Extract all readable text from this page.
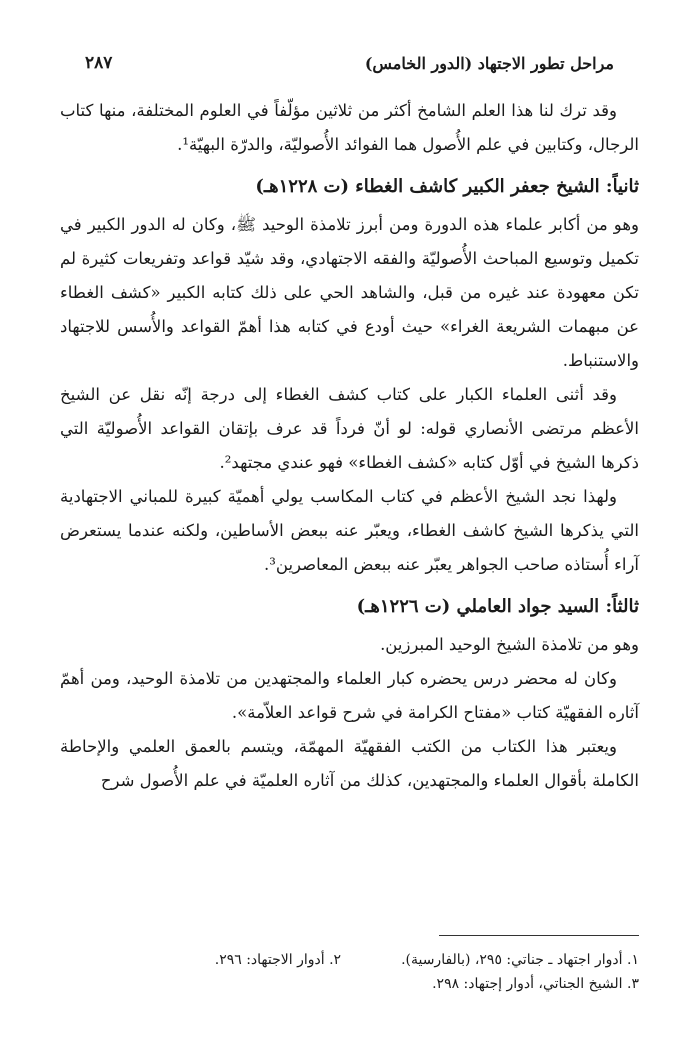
مراحل تطور الاجتهاد (الدور الخامس)
٢٨٧

وقد ترك لنا هذا العلم الشامخ أكثر من ثلاثين مؤلّفاً في العلوم المختلفة، منها كتاب الرجال، وكتابين في علم الأُصول هما الفوائد الأُصوليّة، والدرّة البهيّة¹.

ثانياً: الشيخ جعفر الكبير كاشف الغطاء (ت ١٢٢٨هـ)

وهو من أكابر علماء هذه الدورة ومن أبرز تلامذة الوحيد ﷺ، وكان له الدور الكبير في تكميل وتوسيع المباحث الأُصوليّة والفقه الاجتهادي، وقد شيّد قواعد وتفريعات كثيرة لم تكن معهودة عند غيره من قبل، والشاهد الحي على ذلك كتابه الكبير «كشف الغطاء عن مبهمات الشريعة الغراء» حيث أودع في كتابه هذا أهمّ القواعد والأُسس للاجتهاد والاستنباط.

وقد أثنى العلماء الكبار على كتاب كشف الغطاء إلى درجة إنّه نقل عن الشيخ الأعظم مرتضى الأنصاري قوله: لو أنّ فرداً قد عرف بإتقان القواعد الأُصوليّة التي ذكرها الشيخ في أوّل كتابه «كشف الغطاء» فهو عندي مجتهد².

ولهذا نجد الشيخ الأعظم في كتاب المكاسب يولي أهميّة كبيرة للمباني الاجتهادية التي يذكرها الشيخ كاشف الغطاء، ويعبّر عنه ببعض الأساطين، ولكنه عندما يستعرض آراء أُستاذه صاحب الجواهر يعبّر عنه ببعض المعاصرين³.

ثالثاً: السيد جواد العاملي (ت ١٢٢٦هـ)

وهو من تلامذة الشيخ الوحيد المبرزين.

وكان له محضر درس يحضره كبار العلماء والمجتهدين من تلامذة الوحيد، ومن أهمّ آثاره الفقهيّة كتاب «مفتاح الكرامة في شرح قواعد العلاّمة».

ويعتبر هذا الكتاب من الكتب الفقهيّة المهمّة، ويتسم بالعمق العلمي والإحاطة الكاملة بأقوال العلماء والمجتهدين، كذلك من آثاره العلميّة في علم الأُصول شرح

١. أدوار اجتهاد ـ جناتي: ٢٩٥، (بالفارسية).
٢. أدوار الاجتهاد: ٢٩٦.
٣. الشيخ الجناتي، أدوار إجتهاد: ٢٩٨.
